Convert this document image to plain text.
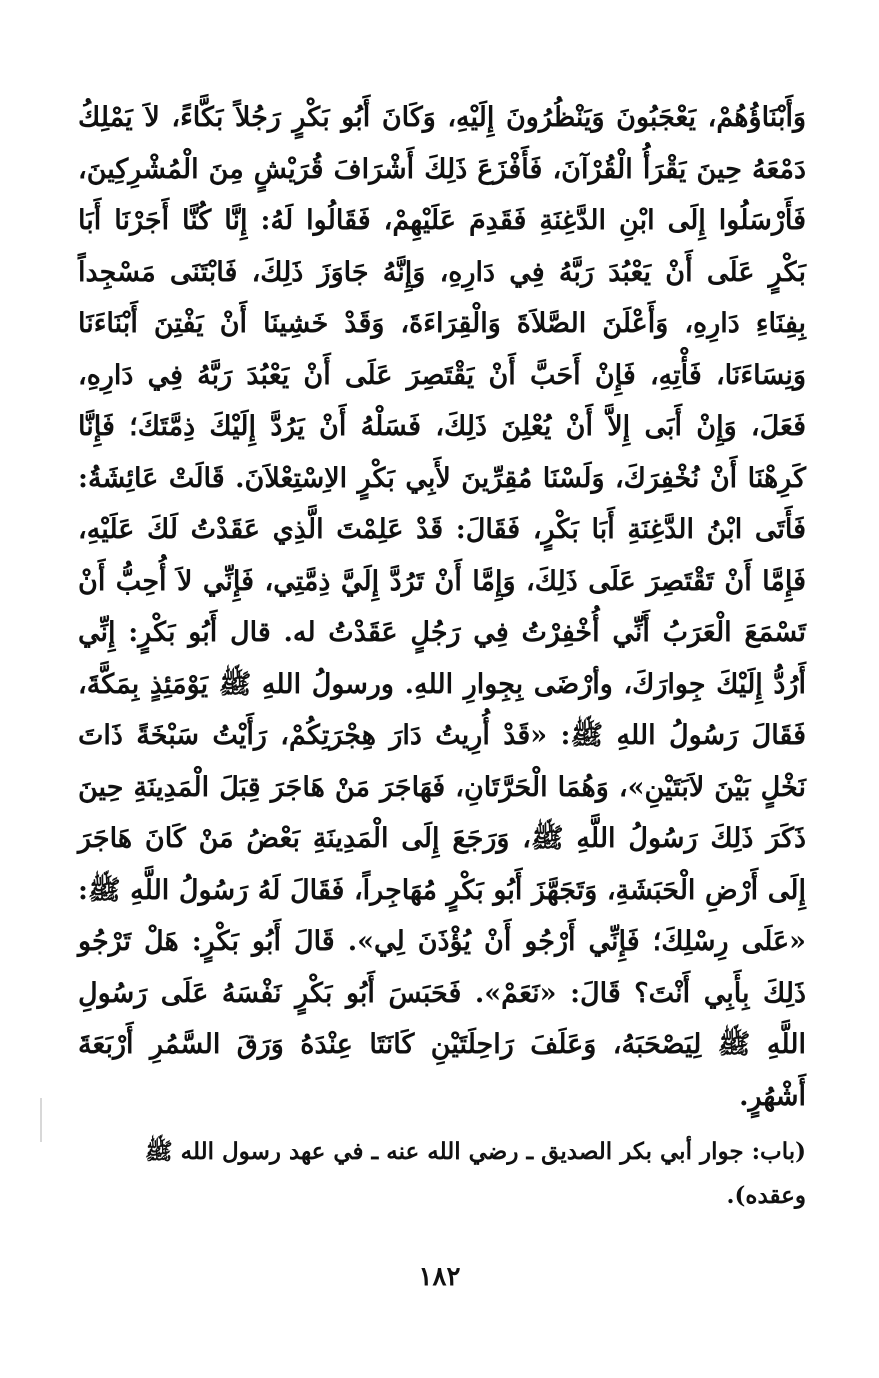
وَأَبْنَاؤُهُمْ، يَعْجَبُونَ وَيَنْظُرُونَ إِلَيْهِ، وَكَانَ أَبُو بَكْرٍ رَجُلاً بَكَّاءً، لاَ يَمْلِكُ دَمْعَهُ حِينَ يَقْرَأُ الْقُرْآنَ، فَأَفْزَعَ ذَلِكَ أَشْرَافَ قُرَيْشٍ مِنَ الْمُشْرِكِينَ، فَأَرْسَلُوا إِلَى ابْنِ الدَّغِنَةِ فَقَدِمَ عَلَيْهِمْ، فَقَالُوا لَهُ: إِنَّا كُنَّا أَجَرْنَا أَبَا بَكْرٍ عَلَى أَنْ يَعْبُدَ رَبَّهُ فِي دَارِهِ، وَإِنَّهُ جَاوَزَ ذَلِكَ، فَابْتَنَى مَسْجِداً بِفِنَاءِ دَارِهِ، وَأَعْلَنَ الصَّلاَةَ وَالْقِرَاءَةَ، وَقَدْ خَشِينَا أَنْ يَفْتِنَ أَبْنَاءَنَا وَنِسَاءَنَا، فَأْتِهِ، فَإِنْ أَحَبَّ أَنْ يَقْتَصِرَ عَلَى أَنْ يَعْبُدَ رَبَّهُ فِي دَارِهِ، فَعَلَ، وَإِنْ أَبَى إِلاَّ أَنْ يُعْلِنَ ذَلِكَ، فَسَلْهُ أَنْ يَرُدَّ إِلَيْكَ ذِمَّتَكَ؛ فَإِنَّا كَرِهْنَا أَنْ نُخْفِرَكَ، وَلَسْنَا مُقِرِّينَ لأَبِي بَكْرٍ الاِسْتِعْلاَنَ. قَالَتْ عَائِشَةُ: فَأَتَى ابْنُ الدَّغِنَةِ أَبَا بَكْرٍ، فَقَالَ: قَدْ عَلِمْتَ الَّذِي عَقَدْتُ لَكَ عَلَيْهِ، فَإِمَّا أَنْ تَقْتَصِرَ عَلَى ذَلِكَ، وَإِمَّا أَنْ تَرُدَّ إِلَيَّ ذِمَّتِي، فَإِنِّي لاَ أُحِبُّ أَنْ تَسْمَعَ الْعَرَبُ أَنِّي أُخْفِرْتُ فِي رَجُلٍ عَقَدْتُ له. قال أَبُو بَكْرٍ: إِنِّي أَرُدُّ إِلَيْكَ جِوارَكَ، وأرْضَى بِجِوارِ اللهِ. ورسولُ اللهِ ﷺ يَوْمَئِذٍ بِمَكَّةَ، فَقَالَ رَسُولُ اللهِ ﷺ: «قَدْ أُرِيتُ دَارَ هِجْرَتِكُمْ، رَأَيْتُ سَبْخَةً ذَاتَ نَخْلٍ بَيْنَ لاَبَتَيْنِ»، وَهُمَا الْحَرَّتَانِ، فَهَاجَرَ مَنْ هَاجَرَ قِبَلَ الْمَدِينَةِ حِينَ ذَكَرَ ذَلِكَ رَسُولُ اللَّهِ ﷺ، وَرَجَعَ إِلَى الْمَدِينَةِ بَعْضُ مَنْ كَانَ هَاجَرَ إِلَى أَرْضِ الْحَبَشَةِ، وَتَجَهَّزَ أَبُو بَكْرٍ مُهَاجِراً، فَقَالَ لَهُ رَسُولُ اللَّهِ ﷺ: «عَلَى رِسْلِكَ؛ فَإِنِّي أَرْجُو أَنْ يُؤْذَنَ لِي». قَالَ أَبُو بَكْرٍ: هَلْ تَرْجُو ذَلِكَ بِأَبِي أَنْتَ؟ قَالَ: «نَعَمْ». فَحَبَسَ أَبُو بَكْرٍ نَفْسَهُ عَلَى رَسُولِ اللَّهِ ﷺ لِيَصْحَبَهُ، وَعَلَفَ رَاحِلَتَيْنِ كَانَتَا عِنْدَهُ وَرَقَ السَّمُرِ أَرْبَعَةَ أَشْهُرٍ.

(باب: جوار أبي بكر الصديق ـ رضي الله عنه ـ في عهد رسول الله ﷺ وعقده).

١٨٢
